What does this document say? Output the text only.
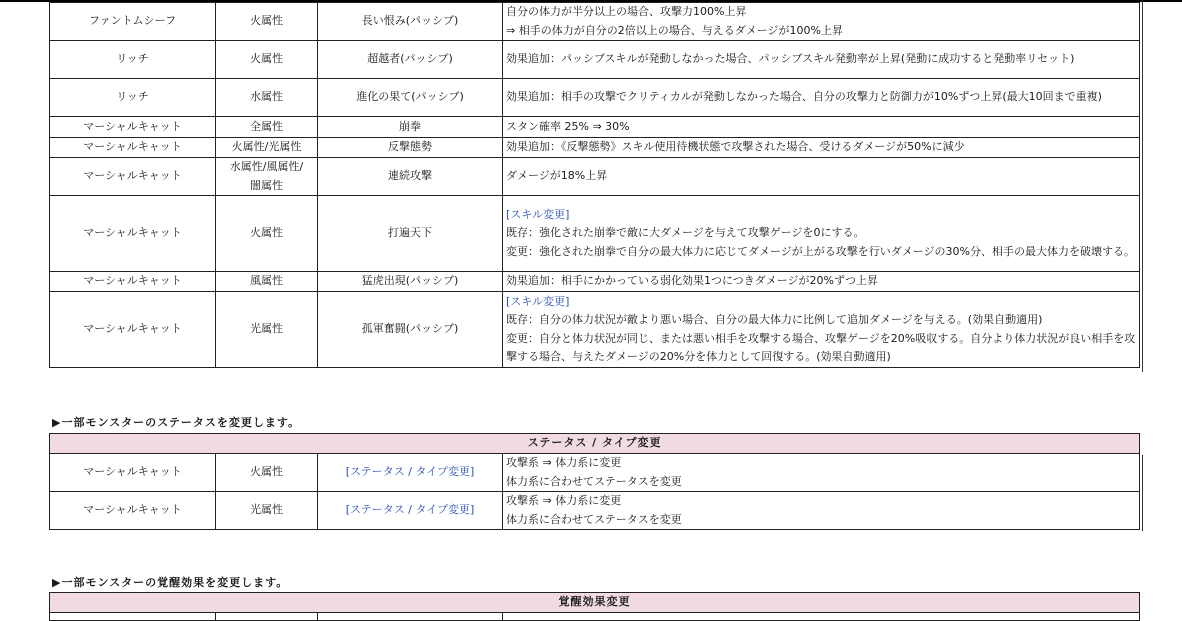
ファントムシーフ	火属性	長い恨み(パッシブ)	自分の体力が半分以上の場合、攻撃力100%上昇
⇒ 相手の体力が自分の2倍以上の場合、与えるダメージが100%上昇

リッチ	火属性	超越者(パッシブ)	効果追加：パッシブスキルが発動しなかった場合、パッシブスキル発動率が上昇(発動に成功すると発動率リセット)

リッチ	水属性	進化の果て(パッシブ)	効果追加：相手の攻撃でクリティカルが発動しなかった場合、自分の攻撃力と防御力が10%ずつ上昇(最大10回まで重複)

マーシャルキャット	全属性	崩拳	スタン確率 25% ⇒ 30%

マーシャルキャット	火属性/光属性	反撃態勢	効果追加：《反撃態勢》スキル使用待機状態で攻撃された場合、受けるダメージが50%に減少

マーシャルキャット	水属性/風属性/
闇属性	連続攻撃	ダメージが18%上昇

マーシャルキャット	火属性	打遍天下	[スキル変更]
既存：強化された崩拳で敵に大ダメージを与えて攻撃ゲージを0にする。
変更：強化された崩拳で自分の最大体力に応じてダメージが上がる攻撃を行いダメージの30%分、相手の最大体力を破壊する。

マーシャルキャット	風属性	猛虎出現(パッシブ)	効果追加：相手にかかっている弱化効果1つにつきダメージが20%ずつ上昇

マーシャルキャット	光属性	孤軍奮闘(パッシブ)	[スキル変更]
既存：自分の体力状況が敵より悪い場合、自分の最大体力に比例して追加ダメージを与える。(効果自動適用)
変更：自分と体力状況が同じ、または悪い相手を攻撃する場合、攻撃ゲージを20%吸収する。自分より体力状況が良い相手を攻撃する場合、与えたダメージの20%分を体力として回復する。(効果自動適用)
▶一部モンスターのステータスを変更します。
ステータス / タイプ変更			
マーシャルキャット	火属性	[ステータス / タイプ変更]	攻撃系 ⇒ 体力系に変更
体力系に合わせてステータスを変更

マーシャルキャット	光属性	[ステータス / タイプ変更]	攻撃系 ⇒ 体力系に変更
体力系に合わせてステータスを変更
▶一部モンスターの覚醒効果を変更します。
覚醒効果変更
